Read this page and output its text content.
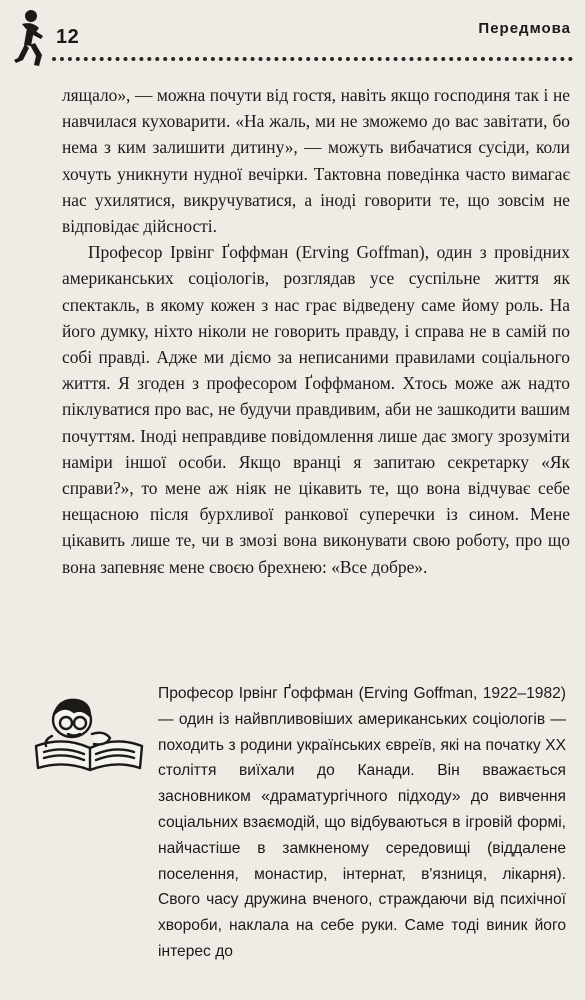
12	Передмова

лящало», — можна почути від гостя, навіть якщо господиня так і не навчилася куховарити. «На жаль, ми не зможемо до вас завітати, бо нема з ким залишити дитину», — можуть вибачатися сусіди, коли хочуть уникнути нудної вечірки. Тактовна поведінка часто вимагає нас ухилятися, викручуватися, а іноді говорити те, що зовсім не відповідає дійсності.

Професор Ірвінг Ґоффман (Erving Goffman), один з провідних американських соціологів, розглядав усе суспільне життя як спектакль, в якому кожен з нас грає відведену саме йому роль. На його думку, ніхто ніколи не говорить правду, і справа не в самій по собі правді. Адже ми діємо за неписаними правилами соціального життя. Я згоден з професором Ґоффманом. Хтось може аж надто піклуватися про вас, не будучи правдивим, аби не зашкодити вашим почуттям. Іноді неправдиве повідомлення лише дає змогу зрозуміти наміри іншої особи. Якщо вранці я запитаю секретарку «Як справи?», то мене аж ніяк не цікавить те, що вона відчуває себе нещасною після бурхливої ранкової суперечки із сином. Мене цікавить лише те, чи в змозі вона виконувати свою роботу, про що вона запевняє мене своєю брехнею: «Все добре».

Професор Ірвінг Ґоффман (Erving Goffman, 1922–1982) — один із найвпливовіших американських соціологів — походить з родини українських євреїв, які на початку XX століття виїхали до Канади. Він вважається засновником «драматургічного підходу» до вивчення соціальних взаємодій, що відбуваються в ігровій формі, найчастіше в замкненому середовищі (віддалене поселення, монастир, інтернат, в'язниця, лікарня). Свого часу дружина вченого, страждаючи від психічної хвороби, наклала на себе руки. Саме тоді виник його інтерес до
